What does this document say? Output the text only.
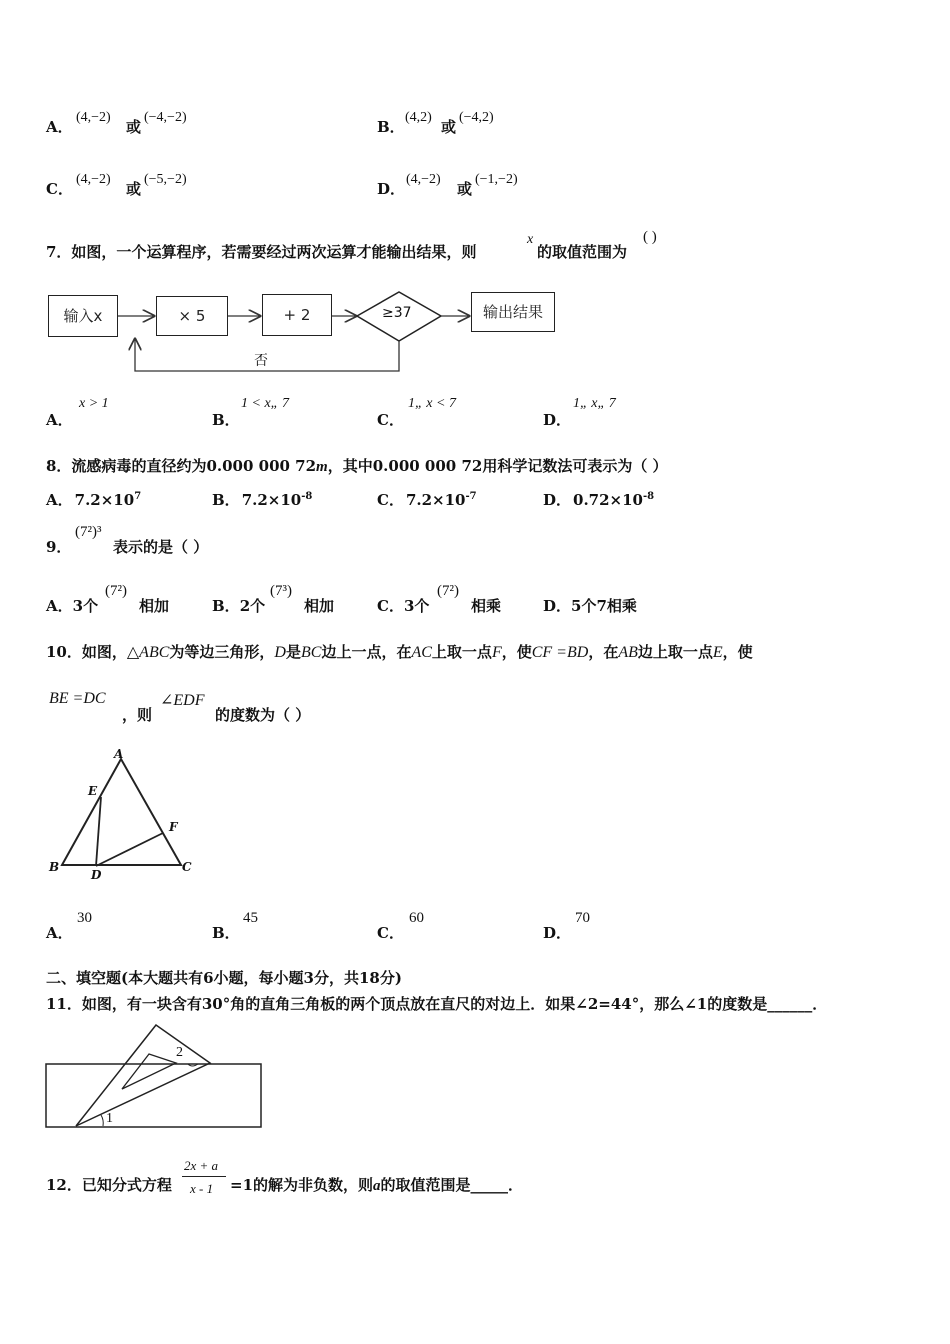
A．
(4,−2)
或
(−4,−2)
B．
(4,2)
或
(−4,2)
C．
(4,−2)
或
(−5,−2)
D．
(4,−2)
或
(−1,−2)
7．如图，一个运算程序，若需要经过两次运算才能输出结果，则
x
的取值范围为
( )
输入x	× 5	+ 2	输出结果
≥37
否
A．
x > 1
B．
1 < x„ 7
C．
1„ x < 7
D．
1„ x„ 7
8．流感病毒的直径约为0.000 000 72m，其中0.000 000 72用科学记数法可表示为（ ）
A． $7.2\times 10^7$	B． $7.2\times 10^{-8}$	C． $7.2\times 10^{-7}$	D． $0.72\times 10^{-8}$
9．
(7²)³
表示的是（ ）
A．3个
(7²)
相加	B．2个
(7³)
相加	C．3个
(7²)
相乘	D．5个7相乘
10．如图，△ABC为等边三角形，D是BC边上一点，在AC上取一点F，使CF =BD，在AB边上取一点E，使
BE =DC
，则
∠EDF
的度数为（ ）
A
E
F
B
D
C
A．
30
B．
45
C．
60
D．
70
二、填空题(本大题共有6小题，每小题3分，共18分)
11．如图，有一块含有30°角的直角三角板的两个顶点放在直尺的对边上．如果∠2=44°，那么∠1的度数是______．
1
2
12．已知分式方程
2x + a
x - 1 =1的解为非负数，则a的取值范围是_____．
